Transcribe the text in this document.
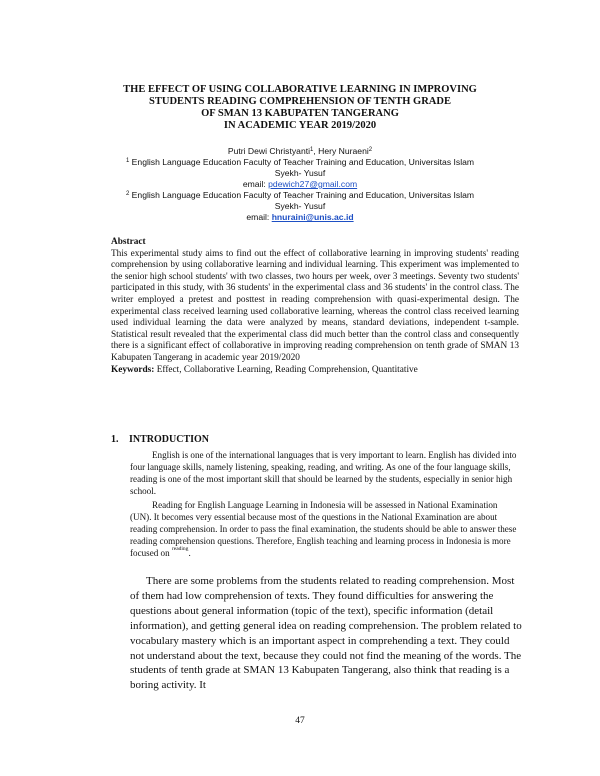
THE EFFECT OF USING COLLABORATIVE LEARNING IN IMPROVING
STUDENTS READING COMPREHENSION OF TENTH GRADE
OF SMAN 13 KABUPATEN TANGERANG
IN ACADEMIC YEAR 2019/2020
Putri Dewi Christyanti$^1$, Hery Nuraeni$^2$
$^1$ English Language Education Faculty of Teacher Training and Education, Universitas Islam
Syekh- Yusuf
email: pdewich27@gmail.com
$^2$ English Language Education Faculty of Teacher Training and Education, Universitas Islam
Syekh- Yusuf
email: hnuraini@unis.ac.id
Abstract
This experimental study aims to find out the effect of collaborative learning in improving students' reading comprehension by using collaborative learning and individual learning. This experiment was implemented to the senior high school students' with two classes, two hours per week, over 3 meetings. Seventy two students' participated in this study, with 36 students' in the experimental class and 36 students' in the control class. The writer employed a pretest and posttest in reading comprehension with quasi-experimental design. The experimental class received learning used collaborative learning, whereas the control class received learning used individual learning the data were analyzed by means, standard deviations, independent t-sample. Statistical result revealed that the experimental class did much better than the control class and consequently there is a significant effect of collaborative in improving reading comprehension on tenth grade of SMAN 13 Kabupaten Tangerang in academic year 2019/2020
Keywords: Effect, Collaborative Learning, Reading Comprehension, Quantitative
1. INTRODUCTION
English is one of the international languages that is very important to learn. English has divided into four language skills, namely listening, speaking, reading, and writing. As one of the four language skills, reading is one of the most important skill that should be learned by the students, especially in senior high school.
Reading for English Language Learning in Indonesia will be assessed in National Examination (UN). It becomes very essential because most of the questions in the National Examination are about reading comprehension. In order to pass the final examination, the students should be able to answer these reading comprehension questions. Therefore, English teaching and learning process in Indonesia is more focused on $^{reading}$.
There are some problems from the students related to reading comprehension. Most of them had low comprehension of texts. They found difficulties for answering the questions about general information (topic of the text), specific information (detail information), and getting general idea on reading comprehension. The problem related to vocabulary mastery which is an important aspect in comprehending a text. They could not understand about the text, because they could not find the meaning of the words. The students of tenth grade at SMAN 13 Kabupaten Tangerang, also think that reading is a boring activity. It
47
